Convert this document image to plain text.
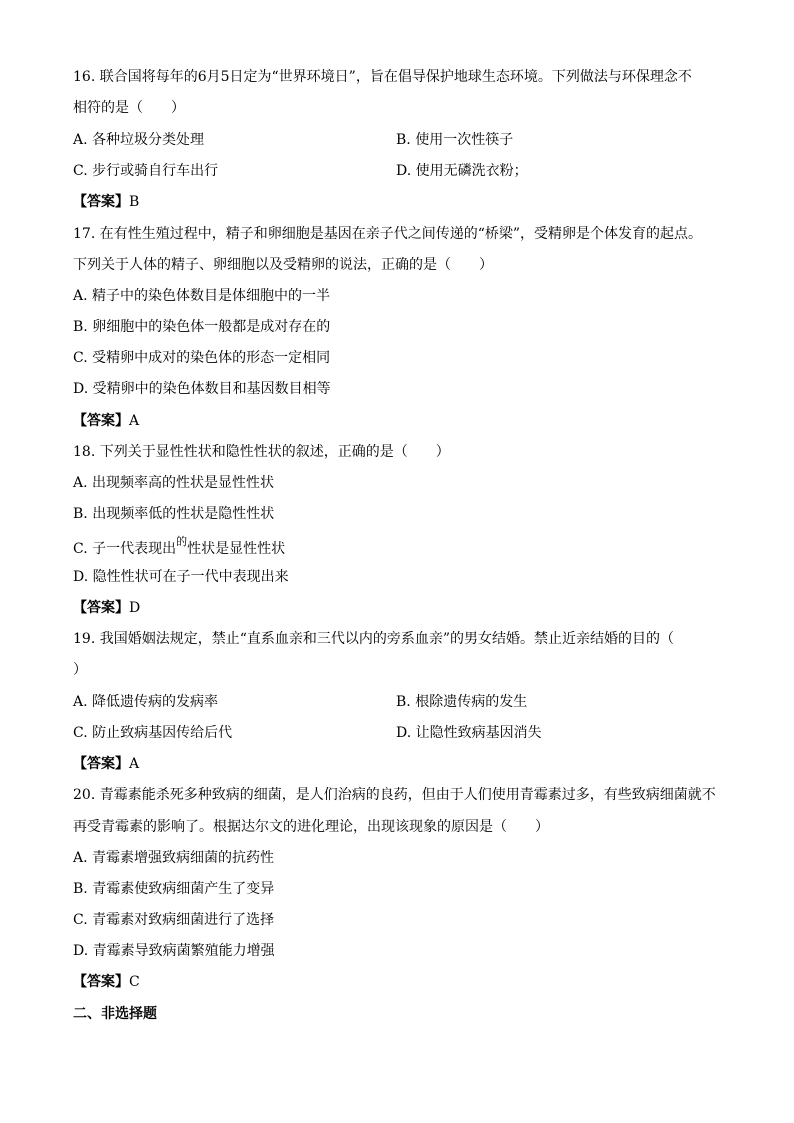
16. 联合国将每年的6月5日定为“世界环境日”，旨在倡导保护地球生态环境。下列做法与环保理念不
相符的是（　　）
A. 各种垃圾分类处理	B. 使用一次性筷子
C. 步行或骑自行车出行	D. 使用无磷洗衣粉；
【答案】B
17. 在有性生殖过程中，精子和卵细胞是基因在亲子代之间传递的“桥梁”，受精卵是个体发育的起点。
下列关于人体的精子、卵细胞以及受精卵的说法，正确的是（　　）
A. 精子中的染色体数目是体细胞中的一半
B. 卵细胞中的染色体一般都是成对存在的
C. 受精卵中成对的染色体的形态一定相同
D. 受精卵中的染色体数目和基因数目相等
【答案】A
18. 下列关于显性性状和隐性性状的叙述，正确的是（　　）
A. 出现频率高的性状是显性性状
B. 出现频率低的性状是隐性性状
C. 子一代表现出$^的$性状是显性性状
D. 隐性性状可在子一代中表现出来
【答案】D
19. 我国婚姻法规定，禁止“直系血亲和三代以内的旁系血亲”的男女结婚。禁止近亲结婚的目的（
）
A. 降低遗传病的发病率	B. 根除遗传病的发生
C. 防止致病基因传给后代	D. 让隐性致病基因消失
【答案】A
20. 青霉素能杀死多种致病的细菌，是人们治病的良药，但由于人们使用青霉素过多，有些致病细菌就不
再受青霉素的影响了。根据达尔文的进化理论，出现该现象的原因是（　　）
A. 青霉素增强致病细菌的抗药性
B. 青霉素使致病细菌产生了变异
C. 青霉素对致病细菌进行了选择
D. 青霉素导致病菌繁殖能力增强
【答案】C
二、非选择题
